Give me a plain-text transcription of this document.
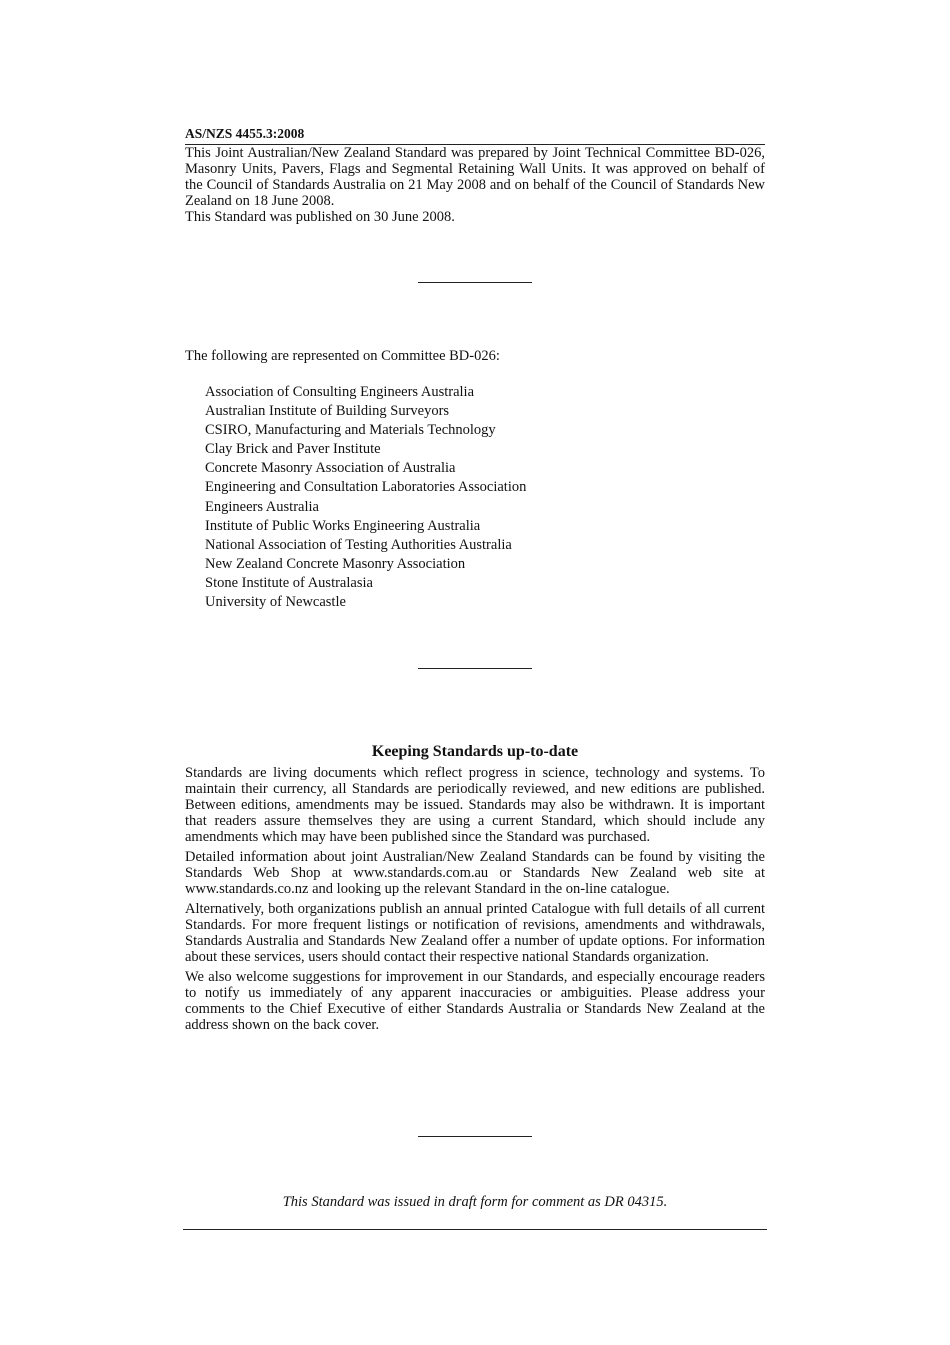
AS/NZS 4455.3:2008

This Joint Australian/New Zealand Standard was prepared by Joint Technical Committee BD-026, Masonry Units, Pavers, Flags and Segmental Retaining Wall Units. It was approved on behalf of the Council of Standards Australia on 21 May 2008 and on behalf of the Council of Standards New Zealand on 18 June 2008.

This Standard was published on 30 June 2008.

The following are represented on Committee BD-026:
Association of Consulting Engineers Australia
Australian Institute of Building Surveyors
CSIRO, Manufacturing and Materials Technology
Clay Brick and Paver Institute
Concrete Masonry Association of Australia
Engineering and Consultation Laboratories Association
Engineers Australia
Institute of Public Works Engineering Australia
National Association of Testing Authorities Australia
New Zealand Concrete Masonry Association
Stone Institute of Australasia
University of Newcastle
Keeping Standards up-to-date

Standards are living documents which reflect progress in science, technology and systems. To maintain their currency, all Standards are periodically reviewed, and new editions are published. Between editions, amendments may be issued. Standards may also be withdrawn. It is important that readers assure themselves they are using a current Standard, which should include any amendments which may have been published since the Standard was purchased.

Detailed information about joint Australian/New Zealand Standards can be found by visiting the Standards Web Shop at www.standards.com.au or Standards New Zealand web site at www.standards.co.nz and looking up the relevant Standard in the on-line catalogue.

Alternatively, both organizations publish an annual printed Catalogue with full details of all current Standards. For more frequent listings or notification of revisions, amendments and withdrawals, Standards Australia and Standards New Zealand offer a number of update options. For information about these services, users should contact their respective national Standards organization.

We also welcome suggestions for improvement in our Standards, and especially encourage readers to notify us immediately of any apparent inaccuracies or ambiguities. Please address your comments to the Chief Executive of either Standards Australia or Standards New Zealand at the address shown on the back cover.

This Standard was issued in draft form for comment as DR 04315.
